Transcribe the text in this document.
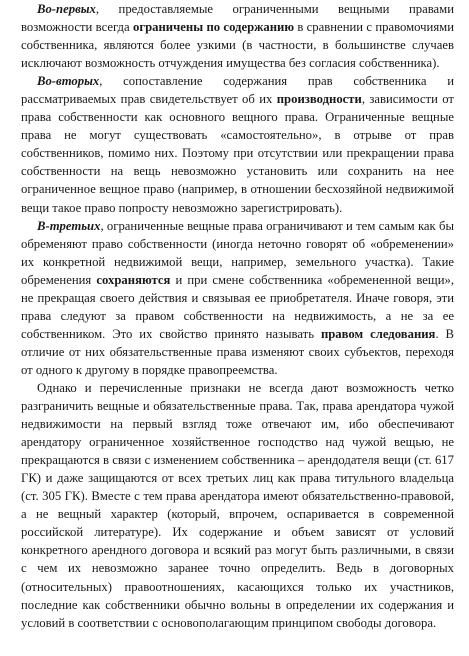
Во-первых, предоставляемые ограниченными вещными правами возможности всегда ограничены по содержанию в сравнении с правомочиями собственника, являются более узкими (в частности, в большинстве случаев исключают возможность отчуждения имущества без согласия собственника).

Во-вторых, сопоставление содержания прав собственника и рассматриваемых прав свидетельствует об их производности, зависимости от права собственности как основного вещного права. Ограниченные вещные права не могут существовать «самостоятельно», в отрыве от прав собственников, помимо них. Поэтому при отсутствии или прекращении права собственности на вещь невозможно установить или сохранить на нее ограниченное вещное право (например, в отношении бесхозяйной недвижимой вещи такое право попросту невозможно зарегистрировать).

В-третьих, ограниченные вещные права ограничивают и тем самым как бы обременяют право собственности (иногда неточно говорят об «обременении» их конкретной недвижимой вещи, например, земельного участка). Такие обременения сохраняются и при смене собственника «обремененной вещи», не прекращая своего действия и связывая ее приобретателя. Иначе говоря, эти права следуют за правом собственности на недвижимость, а не за ее собственником. Это их свойство принято называть правом следования. В отличие от них обязательственные права изменяют своих субъектов, переходя от одного к другому в порядке правопреемства.

Однако и перечисленные признаки не всегда дают возможность четко разграничить вещные и обязательственные права. Так, права арендатора чужой недвижимости на первый взгляд тоже отвечают им, ибо обеспечивают арендатору ограниченное хозяйственное господство над чужой вещью, не прекращаются в связи с изменением собственника – арендодателя вещи (ст. 617 ГК) и даже защищаются от всех третьих лиц как права титульного владельца (ст. 305 ГК). Вместе с тем права арендатора имеют обязательственно-правовой, а не вещный характер (который, впрочем, оспаривается в современной российской литературе). Их содержание и объем зависят от условий конкретного арендного договора и всякий раз могут быть различными, в связи с чем их невозможно заранее точно определить. Ведь в договорных (относительных) правоотношениях, касающихся только их участников, последние как собственники обычно вольны в определении их содержания и условий в соответствии с основополагающим принципом свободы договора.
